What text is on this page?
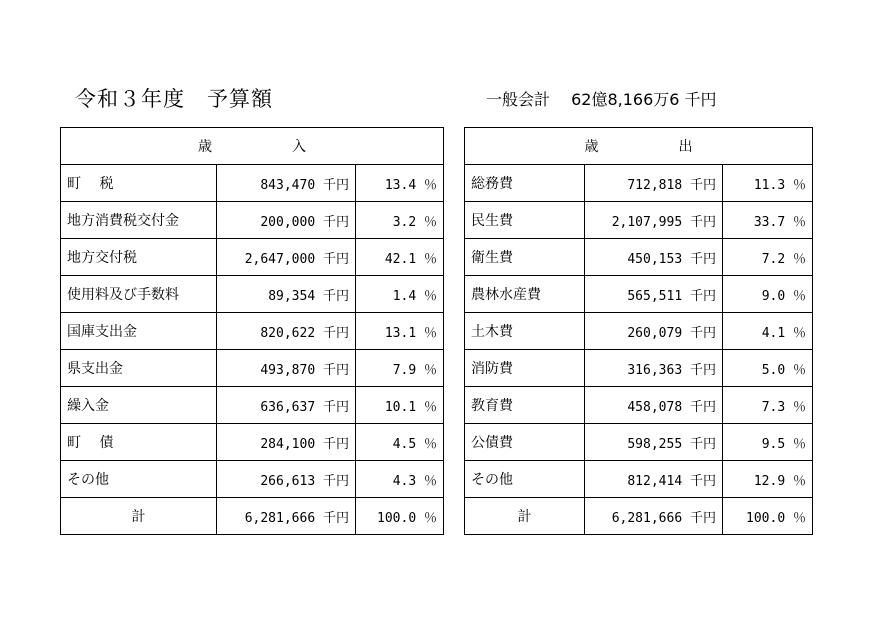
令和３年度　予算額	一般会計　 62億8,166万6 千円
歳 入		
町　 税	843,470 千円	13.4 ％
地方消費税交付金	200,000 千円	3.2 ％
地方交付税	2,647,000 千円	42.1 ％
使用料及び手数料	89,354 千円	1.4 ％
国庫支出金	820,622 千円	13.1 ％
県支出金	493,870 千円	7.9 ％
繰入金	636,637 千円	10.1 ％
町　 債	284,100 千円	4.5 ％
その他	266,613 千円	4.3 ％
計	6,281,666 千円	100.0 ％
歳 出		
総務費	712,818 千円	11.3 ％
民生費	2,107,995 千円	33.7 ％
衛生費	450,153 千円	7.2 ％
農林水産費	565,511 千円	9.0 ％
土木費	260,079 千円	4.1 ％
消防費	316,363 千円	5.0 ％
教育費	458,078 千円	7.3 ％
公債費	598,255 千円	9.5 ％
その他	812,414 千円	12.9 ％
計	6,281,666 千円	100.0 ％
